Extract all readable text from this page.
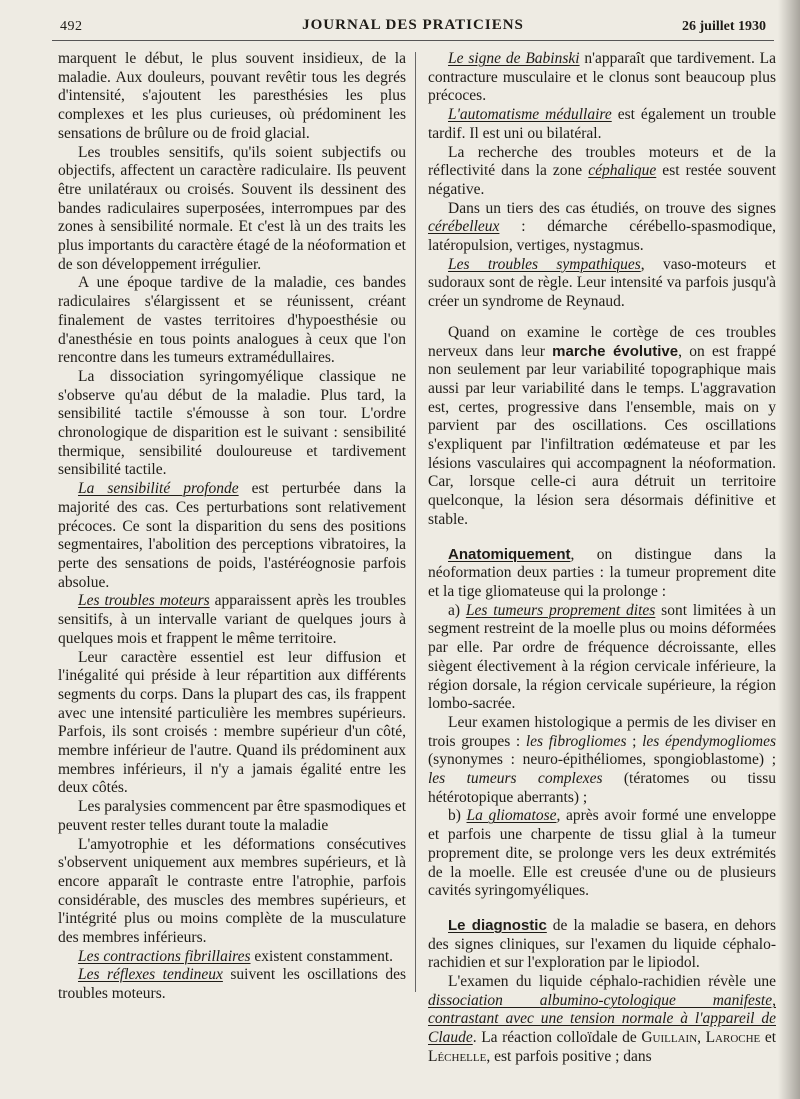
492	JOURNAL DES PRATICIENS	26 juillet 1930

marquent le début, le plus souvent insidieux, de la maladie. Aux douleurs, pouvant revêtir tous les degrés d'intensité, s'ajoutent les paresthésies les plus complexes et les plus curieuses, où prédominent les sensations de brûlure ou de froid glacial.

Les troubles sensitifs, qu'ils soient subjectifs ou objectifs, affectent un caractère radiculaire. Ils peuvent être unilatéraux ou croisés. Souvent ils dessinent des bandes radiculaires superposées, interrompues par des zones à sensibilité normale. Et c'est là un des traits les plus importants du caractère étagé de la néoformation et de son développement irrégulier.

A une époque tardive de la maladie, ces bandes radiculaires s'élargissent et se réunissent, créant finalement de vastes territoires d'hypoesthésie ou d'anesthésie en tous points analogues à ceux que l'on rencontre dans les tumeurs extramédullaires.

La dissociation syringomyélique classique ne s'observe qu'au début de la maladie. Plus tard, la sensibilité tactile s'émousse à son tour. L'ordre chronologique de disparition est le suivant : sensibilité thermique, sensibilité douloureuse et tardivement sensibilité tactile.

La sensibilité profonde est perturbée dans la majorité des cas. Ces perturbations sont relativement précoces. Ce sont la disparition du sens des positions segmentaires, l'abolition des perceptions vibratoires, la perte des sensations de poids, l'astéréognosie parfois absolue.

Les troubles moteurs apparaissent après les troubles sensitifs, à un intervalle variant de quelques jours à quelques mois et frappent le même territoire.

Leur caractère essentiel est leur diffusion et l'inégalité qui préside à leur répartition aux différents segments du corps. Dans la plupart des cas, ils frappent avec une intensité particulière les membres supérieurs. Parfois, ils sont croisés : membre supérieur d'un côté, membre inférieur de l'autre. Quand ils prédominent aux membres inférieurs, il n'y a jamais égalité entre les deux côtés.

Les paralysies commencent par être spasmodiques et peuvent rester telles durant toute la maladie

L'amyotrophie et les déformations consécutives s'observent uniquement aux membres supérieurs, et là encore apparaît le contraste entre l'atrophie, parfois considérable, des muscles des membres supérieurs, et l'intégrité plus ou moins complète de la musculature des membres inférieurs.

Les contractions fibrillaires existent constamment.

Les réflexes tendineux suivent les oscillations des troubles moteurs.

Le signe de Babinski n'apparaît que tardivement. La contracture musculaire et le clonus sont beaucoup plus précoces.

L'automatisme médullaire est également un trouble tardif. Il est uni ou bilatéral.

La recherche des troubles moteurs et de la réflectivité dans la zone céphalique est restée souvent négative.

Dans un tiers des cas étudiés, on trouve des signes cérébelleux : démarche cérébello-spasmodique, latéropulsion, vertiges, nystagmus.

Les troubles sympathiques, vaso-moteurs et sudoraux sont de règle. Leur intensité va parfois jusqu'à créer un syndrome de Reynaud.

Quand on examine le cortège de ces troubles nerveux dans leur marche évolutive, on est frappé non seulement par leur variabilité topographique mais aussi par leur variabilité dans le temps. L'aggravation est, certes, progressive dans l'ensemble, mais on y parvient par des oscillations. Ces oscillations s'expliquent par l'infiltration œdémateuse et par les lésions vasculaires qui accompagnent la néoformation. Car, lorsque celle-ci aura détruit un territoire quelconque, la lésion sera désormais définitive et stable.

Anatomiquement, on distingue dans la néoformation deux parties : la tumeur proprement dite et la tige gliomateuse qui la prolonge :

a) Les tumeurs proprement dites sont limitées à un segment restreint de la moelle plus ou moins déformées par elle. Par ordre de fréquence décroissante, elles siègent électivement à la région cervicale inférieure, la région dorsale, la région cervicale supérieure, la région lombo-sacrée.

Leur examen histologique a permis de les diviser en trois groupes : les fibrogliomes ; les épendymogliomes (synonymes : neuro-épithéliomes, spongioblastome) ; les tumeurs complexes (tératomes ou tissu hétérotopique aberrants) ;

b) La gliomatose, après avoir formé une enveloppe et parfois une charpente de tissu glial à la tumeur proprement dite, se prolonge vers les deux extrémités de la moelle. Elle est creusée d'une ou de plusieurs cavités syringomyéliques.

Le diagnostic de la maladie se basera, en dehors des signes cliniques, sur l'examen du liquide céphalo-rachidien et sur l'exploration par le lipiodol.

L'examen du liquide céphalo-rachidien révèle une dissociation albumino-cytologique manifeste, contrastant avec une tension normale à l'appareil de Claude. La réaction colloïdale de Guillain, Laroche et Léchelle, est parfois positive ; dans
